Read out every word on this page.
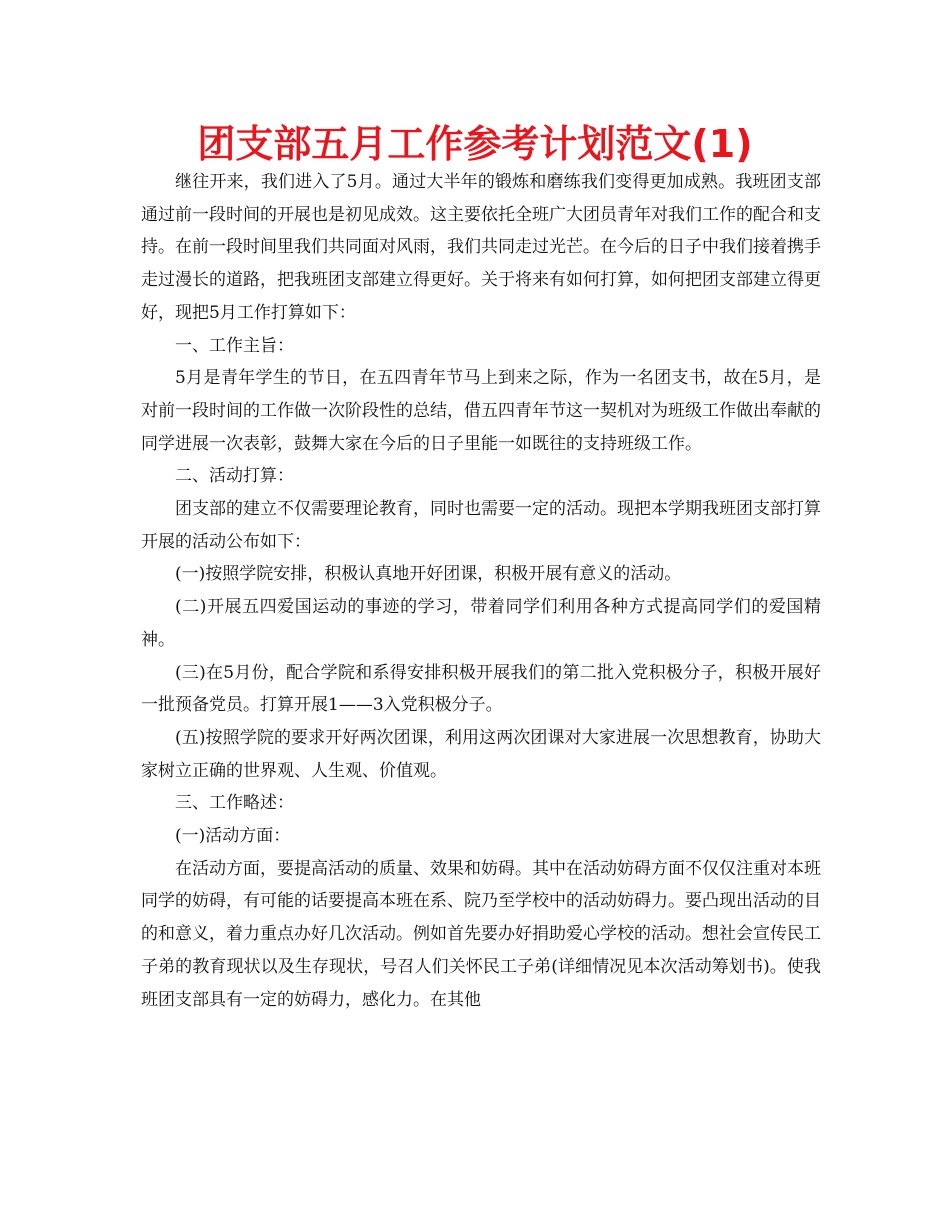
团支部五月工作参考计划范文(1)

继往开来，我们进入了5月。通过大半年的锻炼和磨练我们变得更加成熟。我班团支部通过前一段时间的开展也是初见成效。这主要依托全班广大团员青年对我们工作的配合和支持。在前一段时间里我们共同面对风雨，我们共同走过光芒。在今后的日子中我们接着携手走过漫长的道路，把我班团支部建立得更好。关于将来有如何打算，如何把团支部建立得更好，现把5月工作打算如下：

一、工作主旨：

5月是青年学生的节日，在五四青年节马上到来之际，作为一名团支书，故在5月，是对前一段时间的工作做一次阶段性的总结，借五四青年节这一契机对为班级工作做出奉献的同学进展一次表彰，鼓舞大家在今后的日子里能一如既往的支持班级工作。

二、活动打算：

团支部的建立不仅需要理论教育，同时也需要一定的活动。现把本学期我班团支部打算开展的活动公布如下：

(一)按照学院安排，积极认真地开好团课，积极开展有意义的活动。

(二)开展五四爱国运动的事迹的学习，带着同学们利用各种方式提高同学们的爱国精神。

(三)在5月份，配合学院和系得安排积极开展我们的第二批入党积极分子，积极开展好一批预备党员。打算开展1——3入党积极分子。

(五)按照学院的要求开好两次团课，利用这两次团课对大家进展一次思想教育，协助大家树立正确的世界观、人生观、价值观。

三、工作略述：

(一)活动方面：

在活动方面，要提高活动的质量、效果和妨碍。其中在活动妨碍方面不仅仅注重对本班同学的妨碍，有可能的话要提高本班在系、院乃至学校中的活动妨碍力。要凸现出活动的目的和意义，着力重点办好几次活动。例如首先要办好捐助爱心学校的活动。想社会宣传民工子弟的教育现状以及生存现状，号召人们关怀民工子弟(详细情况见本次活动筹划书)。使我班团支部具有一定的妨碍力，感化力。在其他
